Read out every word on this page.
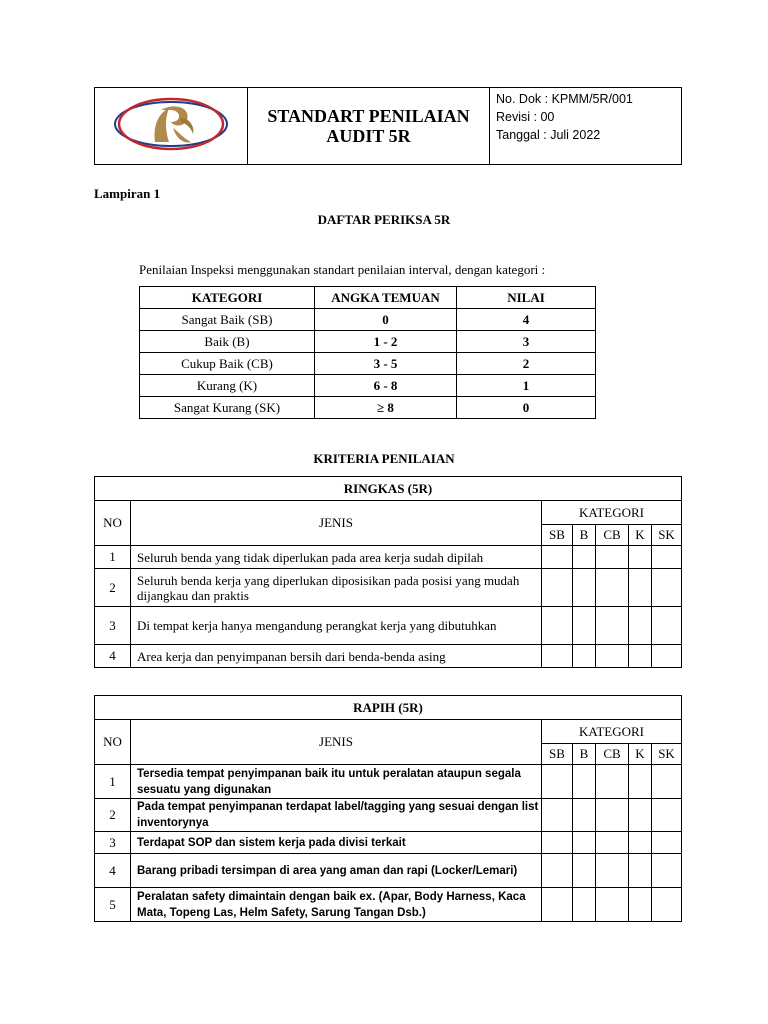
STANDART PENILAIAN
AUDIT 5R

No. Dok : KPMM/5R/001
Revisi : 00
Tanggal : Juli 2022
Lampiran 1
DAFTAR PERIKSA 5R
Penilaian Inspeksi menggunakan standart penilaian interval, dengan kategori :
KATEGORI	ANGKA TEMUAN	NILAI
Sangat Baik (SB)	0	4
Baik (B)	1 - 2	3
Cukup Baik (CB)	3 - 5	2
Kurang (K)	6 - 8	1
Sangat Kurang (SK)	≥ 8	0
KRITERIA PENILAIAN
RINGKAS (5R)						
NO	JENIS	KATEGORI				
		SB	B	CB	K	SK
1	Seluruh benda yang tidak diperlukan pada area kerja sudah dipilah					
2	Seluruh benda kerja yang diperlukan diposisikan pada posisi yang mudah dijangkau dan praktis					
3	Di tempat kerja hanya mengandung perangkat kerja yang dibutuhkan					
4	Area kerja dan penyimpanan bersih dari benda-benda asing					
RAPIH (5R)						
NO	JENIS	KATEGORI				
		SB	B	CB	K	SK
1	Tersedia tempat penyimpanan baik itu untuk peralatan ataupun segala sesuatu yang digunakan					
2	Pada tempat penyimpanan terdapat label/tagging yang sesuai dengan list inventorynya					
3	Terdapat SOP dan sistem kerja pada divisi terkait					
4	Barang pribadi tersimpan di area yang aman dan rapi (Locker/Lemari)					
5	Peralatan safety dimaintain dengan baik ex. (Apar, Body Harness, Kaca Mata, Topeng Las, Helm Safety, Sarung Tangan Dsb.)					
